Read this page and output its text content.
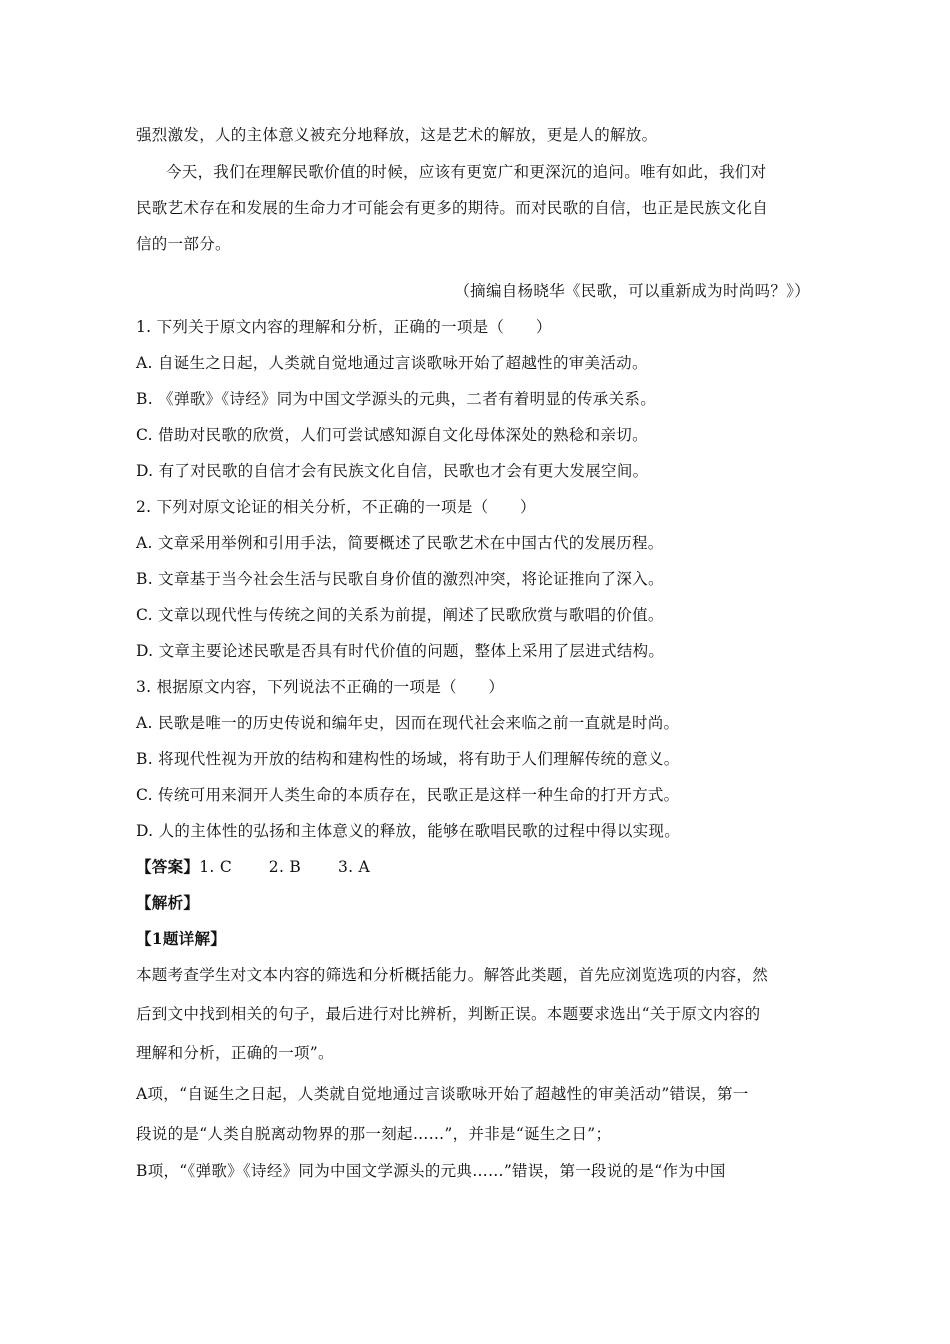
强烈激发，人的主体意义被充分地释放，这是艺术的解放，更是人的解放。
今天，我们在理解民歌价值的时候，应该有更宽广和更深沉的追问。唯有如此，我们对
民歌艺术存在和发展的生命力才可能会有更多的期待。而对民歌的自信，也正是民族文化自
信的一部分。
（摘编自杨晓华《民歌，可以重新成为时尚吗？》）
1. 下列关于原文内容的理解和分析，正确的一项是（　　）
A. 自诞生之日起，人类就自觉地通过言谈歌咏开始了超越性的审美活动。
B. 《弹歌》《诗经》同为中国文学源头的元典，二者有着明显的传承关系。
C. 借助对民歌的欣赏，人们可尝试感知源自文化母体深处的熟稔和亲切。
D. 有了对民歌的自信才会有民族文化自信，民歌也才会有更大发展空间。
2. 下列对原文论证的相关分析，不正确的一项是（　　）
A. 文章采用举例和引用手法，简要概述了民歌艺术在中国古代的发展历程。
B. 文章基于当今社会生活与民歌自身价值的激烈冲突，将论证推向了深入。
C. 文章以现代性与传统之间的关系为前提，阐述了民歌欣赏与歌唱的价值。
D. 文章主要论述民歌是否具有时代价值的问题，整体上采用了层进式结构。
3. 根据原文内容，下列说法不正确的一项是（　　）
A. 民歌是唯一的历史传说和编年史，因而在现代社会来临之前一直就是时尚。
B. 将现代性视为开放的结构和建构性的场域，将有助于人们理解传统的意义。
C. 传统可用来洞开人类生命的本质存在，民歌正是这样一种生命的打开方式。
D. 人的主体性的弘扬和主体意义的释放，能够在歌唱民歌的过程中得以实现。
【答案】1. C　　 2. B　　 3. A
【解析】
【1题详解】
本题考查学生对文本内容的筛选和分析概括能力。解答此类题，首先应浏览选项的内容，然
后到文中找到相关的句子，最后进行对比辨析，判断正误。本题要求选出“关于原文内容的
理解和分析，正确的一项”。
A项，“自诞生之日起，人类就自觉地通过言谈歌咏开始了超越性的审美活动”错误，第一
段说的是“人类自脱离动物界的那一刻起……”，并非是“诞生之日”；
B项，“《弹歌》《诗经》同为中国文学源头的元典……”错误，第一段说的是“作为中国
